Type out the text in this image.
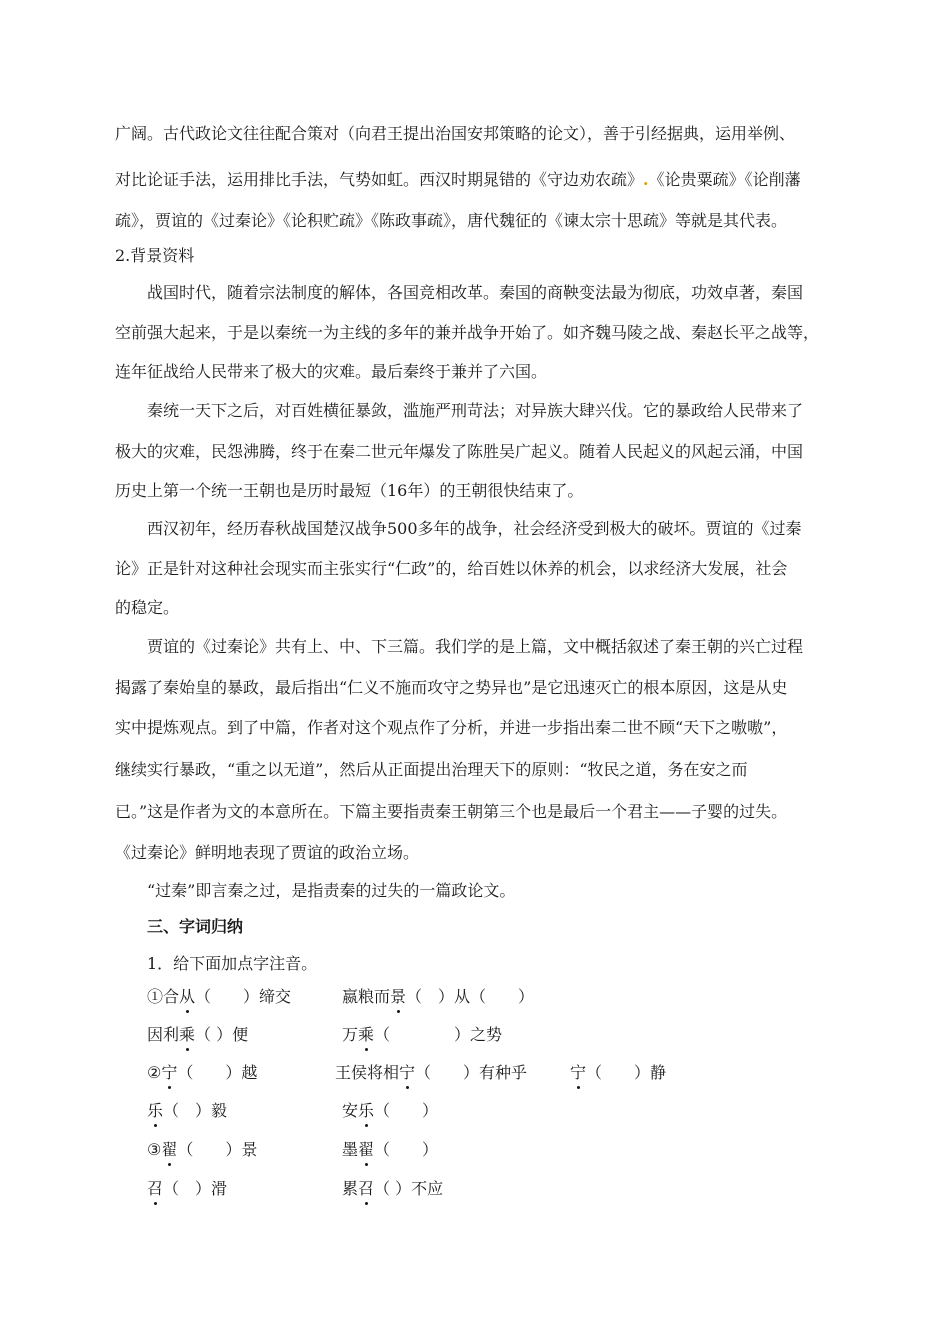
广阔。古代政论文往往配合策对（向君王提出治国安邦策略的论文），善于引经据典，运用举例、
对比论证手法，运用排比手法，气势如虹。西汉时期晁错的《守边劝农疏》.《论贵粟疏》《论削藩
疏》，贾谊的《过秦论》《论积贮疏》《陈政事疏》，唐代魏征的《谏太宗十思疏》等就是其代表。
2.背景资料
战国时代，随着宗法制度的解体，各国竞相改革。秦国的商鞅变法最为彻底，功效卓著，秦国
空前强大起来，于是以秦统一为主线的多年的兼并战争开始了。如齐魏马陵之战、秦赵长平之战等，
连年征战给人民带来了极大的灾难。最后秦终于兼并了六国。
秦统一天下之后，对百姓横征暴敛，滥施严刑苛法；对异族大肆兴伐。它的暴政给人民带来了
极大的灾难，民怨沸腾，终于在秦二世元年爆发了陈胜吴广起义。随着人民起义的风起云涌，中国
历史上第一个统一王朝也是历时最短（16年）的王朝很快结束了。
西汉初年，经历春秋战国楚汉战争500多年的战争，社会经济受到极大的破坏。贾谊的《过秦
论》正是针对这种社会现实而主张实行“仁政”的，给百姓以休养的机会，以求经济大发展，社会
的稳定。
贾谊的《过秦论》共有上、中、下三篇。我们学的是上篇，文中概括叙述了秦王朝的兴亡过程
揭露了秦始皇的暴政，最后指出“仁义不施而攻守之势异也”是它迅速灭亡的根本原因，这是从史
实中提炼观点。到了中篇，作者对这个观点作了分析，并进一步指出秦二世不顾“天下之嗷嗷”，
继续实行暴政，“重之以无道”，然后从正面提出治理天下的原则：“牧民之道，务在安之而
已。”这是作者为文的本意所在。下篇主要指责秦王朝第三个也是最后一个君主——子婴的过失。
《过秦论》鲜明地表现了贾谊的政治立场。
“过秦”即言秦之过，是指责秦的过失的一篇政论文。
三、字词归纳
1．给下面加点字注音。
①合从（　　）缔交	嬴粮而景（　）从（　　）
因利乘（ ）便	万乘（　　　　）之势
②宁（　　）越	王侯将相宁（　　）有种乎	宁（　　）静
乐（　）毅	安乐（　　）
③翟（　　）景	墨翟（　　）
召（　）滑	累召（ ）不应
